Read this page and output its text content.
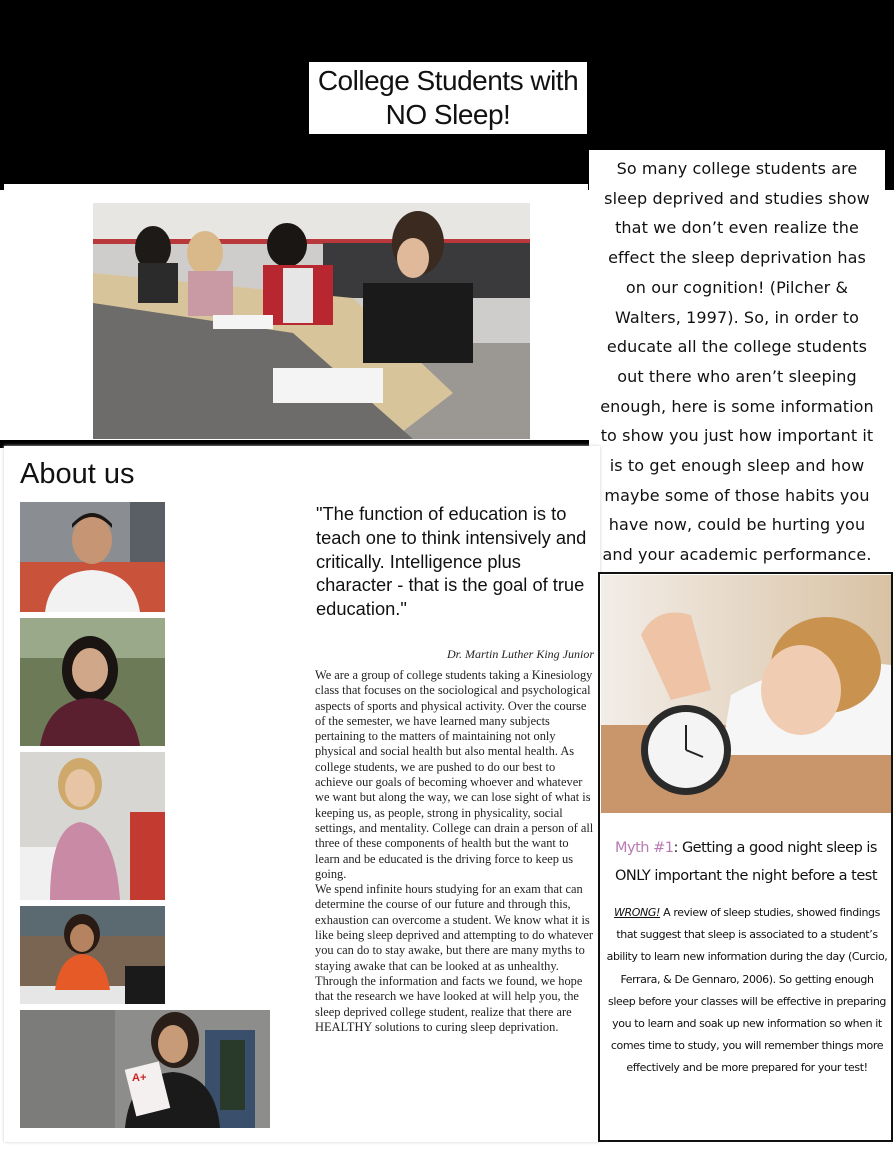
College Students with
NO Sleep!
So many college students are sleep deprived and studies show that we don’t even realize the effect the sleep deprivation has on our cognition! (Pilcher & Walters, 1997). So, in order to educate all the college students out there who aren’t sleeping enough, here is some information to show you just how important it is to get enough sleep and how maybe some of those habits you have now, could be hurting you and your academic performance.
About us
A+
"The function of education is to teach one to think intensively and critically. Intelligence plus character - that is the goal of true education."
Dr. Martin Luther King Junior

We are a group of college students taking a Kinesiology class that focuses on the sociological and psychological aspects of sports and physical activity. Over the course of the semester, we have learned many subjects pertaining to the matters of maintaining not only physical and social health but also mental health. As college students, we are pushed to do our best to achieve our goals of becoming whoever and whatever we want but along the way, we can lose sight of what is keeping us, as people, strong in physicality, social settings, and mentality. College can drain a person of all three of these components of health but the want to learn and be educated is the driving force to keep us going.

We spend infinite hours studying for an exam that can determine the course of our future and through this, exhaustion can overcome a student. We know what it is like being sleep deprived and attempting to do whatever you can do to stay awake, but there are many myths to staying awake that can be looked at as unhealthy. Through the information and facts we found, we hope that the research we have looked at will help you, the sleep deprived college student, realize that there are HEALTHY solutions to curing sleep deprivation.

Myth #1: Getting a good night sleep is ONLY important the night before a test
WRONG! A review of sleep studies, showed findings that suggest that sleep is associated to a student’s ability to learn new information during the day (Curcio, Ferrara, & De Gennaro, 2006). So getting enough sleep before your classes will be effective in preparing you to learn and soak up new information so when it comes time to study, you will remember things more effectively and be more prepared for your test!
